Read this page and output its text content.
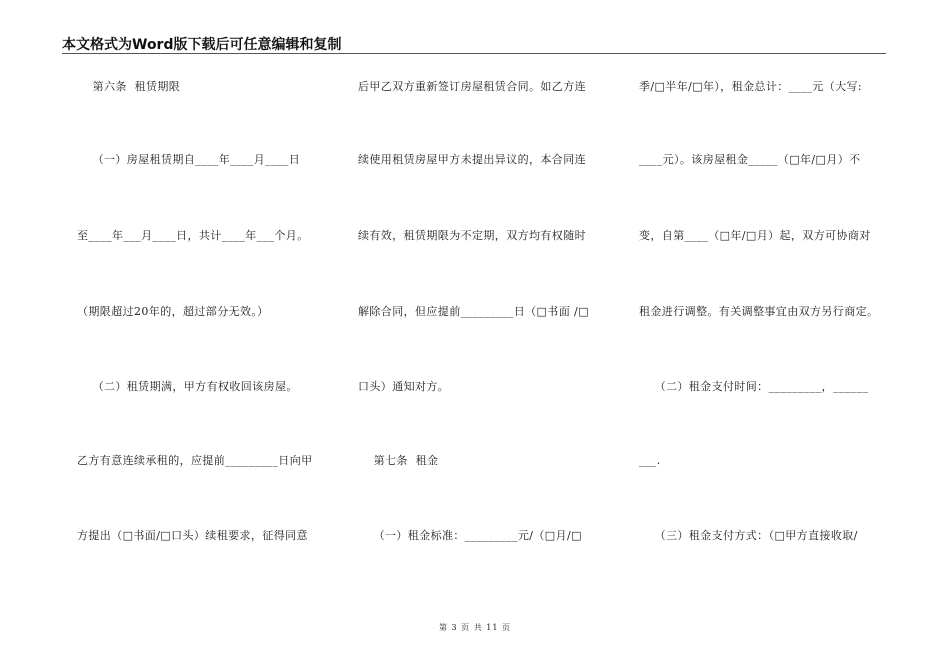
本文格式为Word版下载后可任意编辑和复制
第六条  租赁期限
（一）房屋租赁期自____年____月____日
至____年___月____日，共计____年___个月。
（期限超过20年的，超过部分无效。）
（二）租赁期满，甲方有权收回该房屋。
乙方有意连续承租的，应提前_________日向甲
方提出（□书面/□口头）续租要求，征得同意
后甲乙双方重新签订房屋租赁合同。如乙方连
续使用租赁房屋甲方未提出异议的，本合同连
续有效，租赁期限为不定期，双方均有权随时
解除合同，但应提前_________日（□书面 /□
口头）通知对方。
第七条  租金
（一）租金标准：_________元/（□月/□
季/□半年/□年），租金总计：____元（大写:
____元）。该房屋租金_____（□年/□月）不
变，自第____（□年/□月）起，双方可协商对
租金进行调整。有关调整事宜由双方另行商定。
（二）租金支付时间：_________，______
___.
（三）租金支付方式：（□甲方直接收取/
第 3 页 共 11 页
